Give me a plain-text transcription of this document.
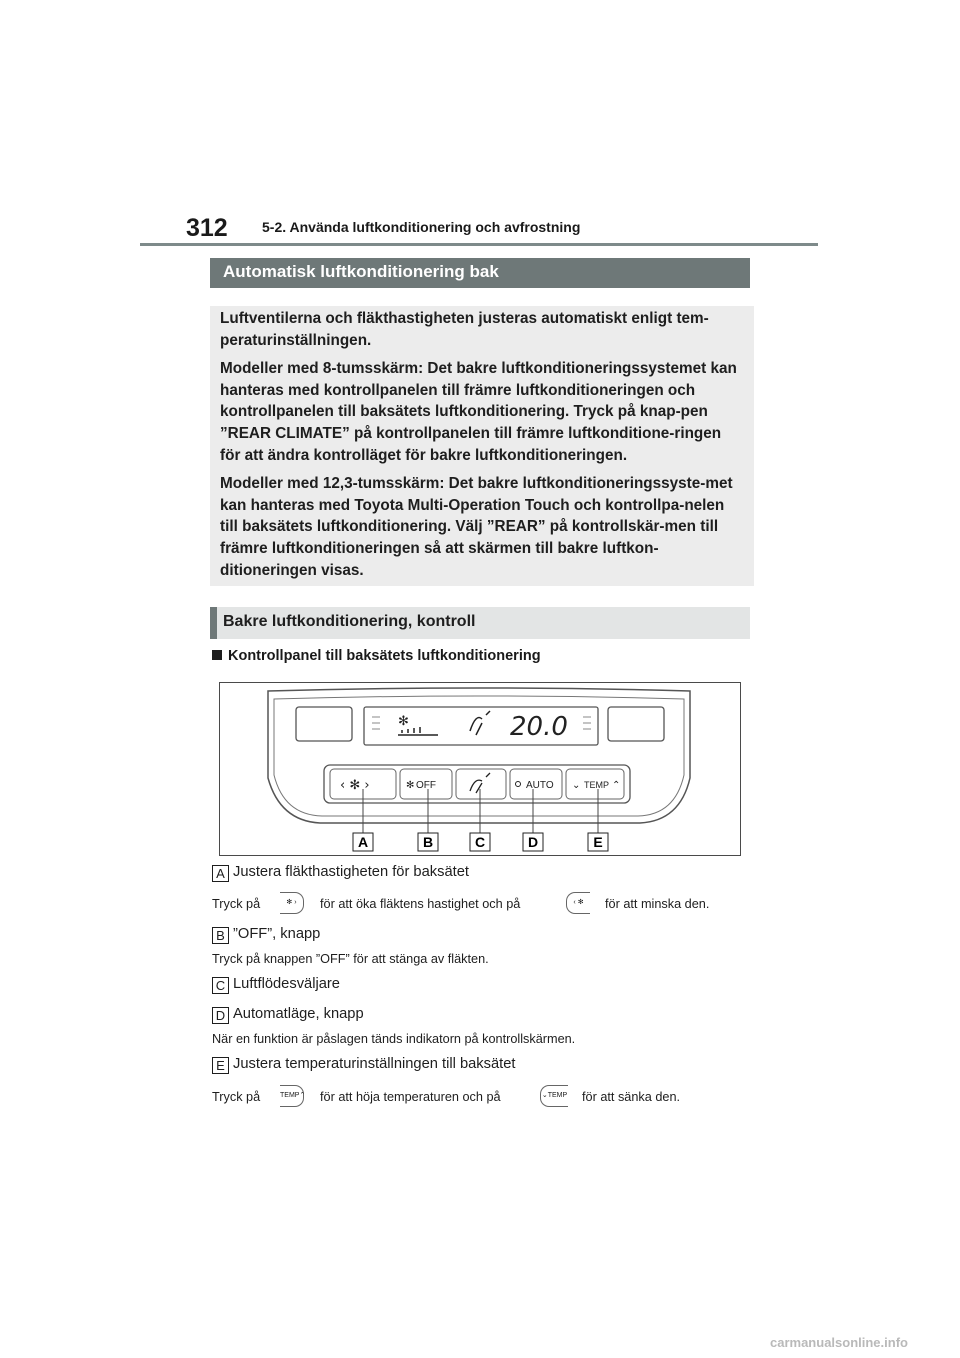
312 5-2. Använda luftkonditionering och avfrostning
Automatisk luftkonditionering bak

Luftventilerna och fläkthastigheten justeras automatiskt enligt tem-peraturinställningen.

Modeller med 8-tumsskärm: Det bakre luftkonditioneringssystemet kan hanteras med kontrollpanelen till främre luftkonditioneringen och kontrollpanelen till baksätets luftkonditionering. Tryck på knap-pen ”REAR CLIMATE” på kontrollpanelen till främre luftkonditione-ringen för att ändra kontrolläget för bakre luftkonditioneringen.

Modeller med 12,3-tumsskärm: Det bakre luftkonditioneringssyste-met kan hanteras med Toyota Multi-Operation Touch och kontrollpa-nelen till baksätets luftkonditionering. Välj ”REAR” på kontrollskär-men till främre luftkonditioneringen så att skärmen till bakre luftkon-ditioneringen visas.

Bakre luftkonditionering, kontroll
Kontrollpanel till baksätets luftkonditionering
✻	20.0
‹ ✻ ›	✻ OFF	AUTO ⌄ TEMP ⌃
A	B	C	D	E
A Justera fläkthastigheten för baksätet
Tryck på	✻ ›	för att öka fläktens hastighet och på	‹ ✻	för att minska den.
B ”OFF”, knapp
Tryck på knappen ”OFF” för att stänga av fläkten.
C Luftflödesväljare
D Automatläge, knapp
När en funktion är påslagen tänds indikatorn på kontrollskärmen.
E Justera temperaturinställningen till baksätet
Tryck på	TEMP⌃ för att höja temperaturen och på	⌄TEMP för att sänka den.
carmanualsonline.info
